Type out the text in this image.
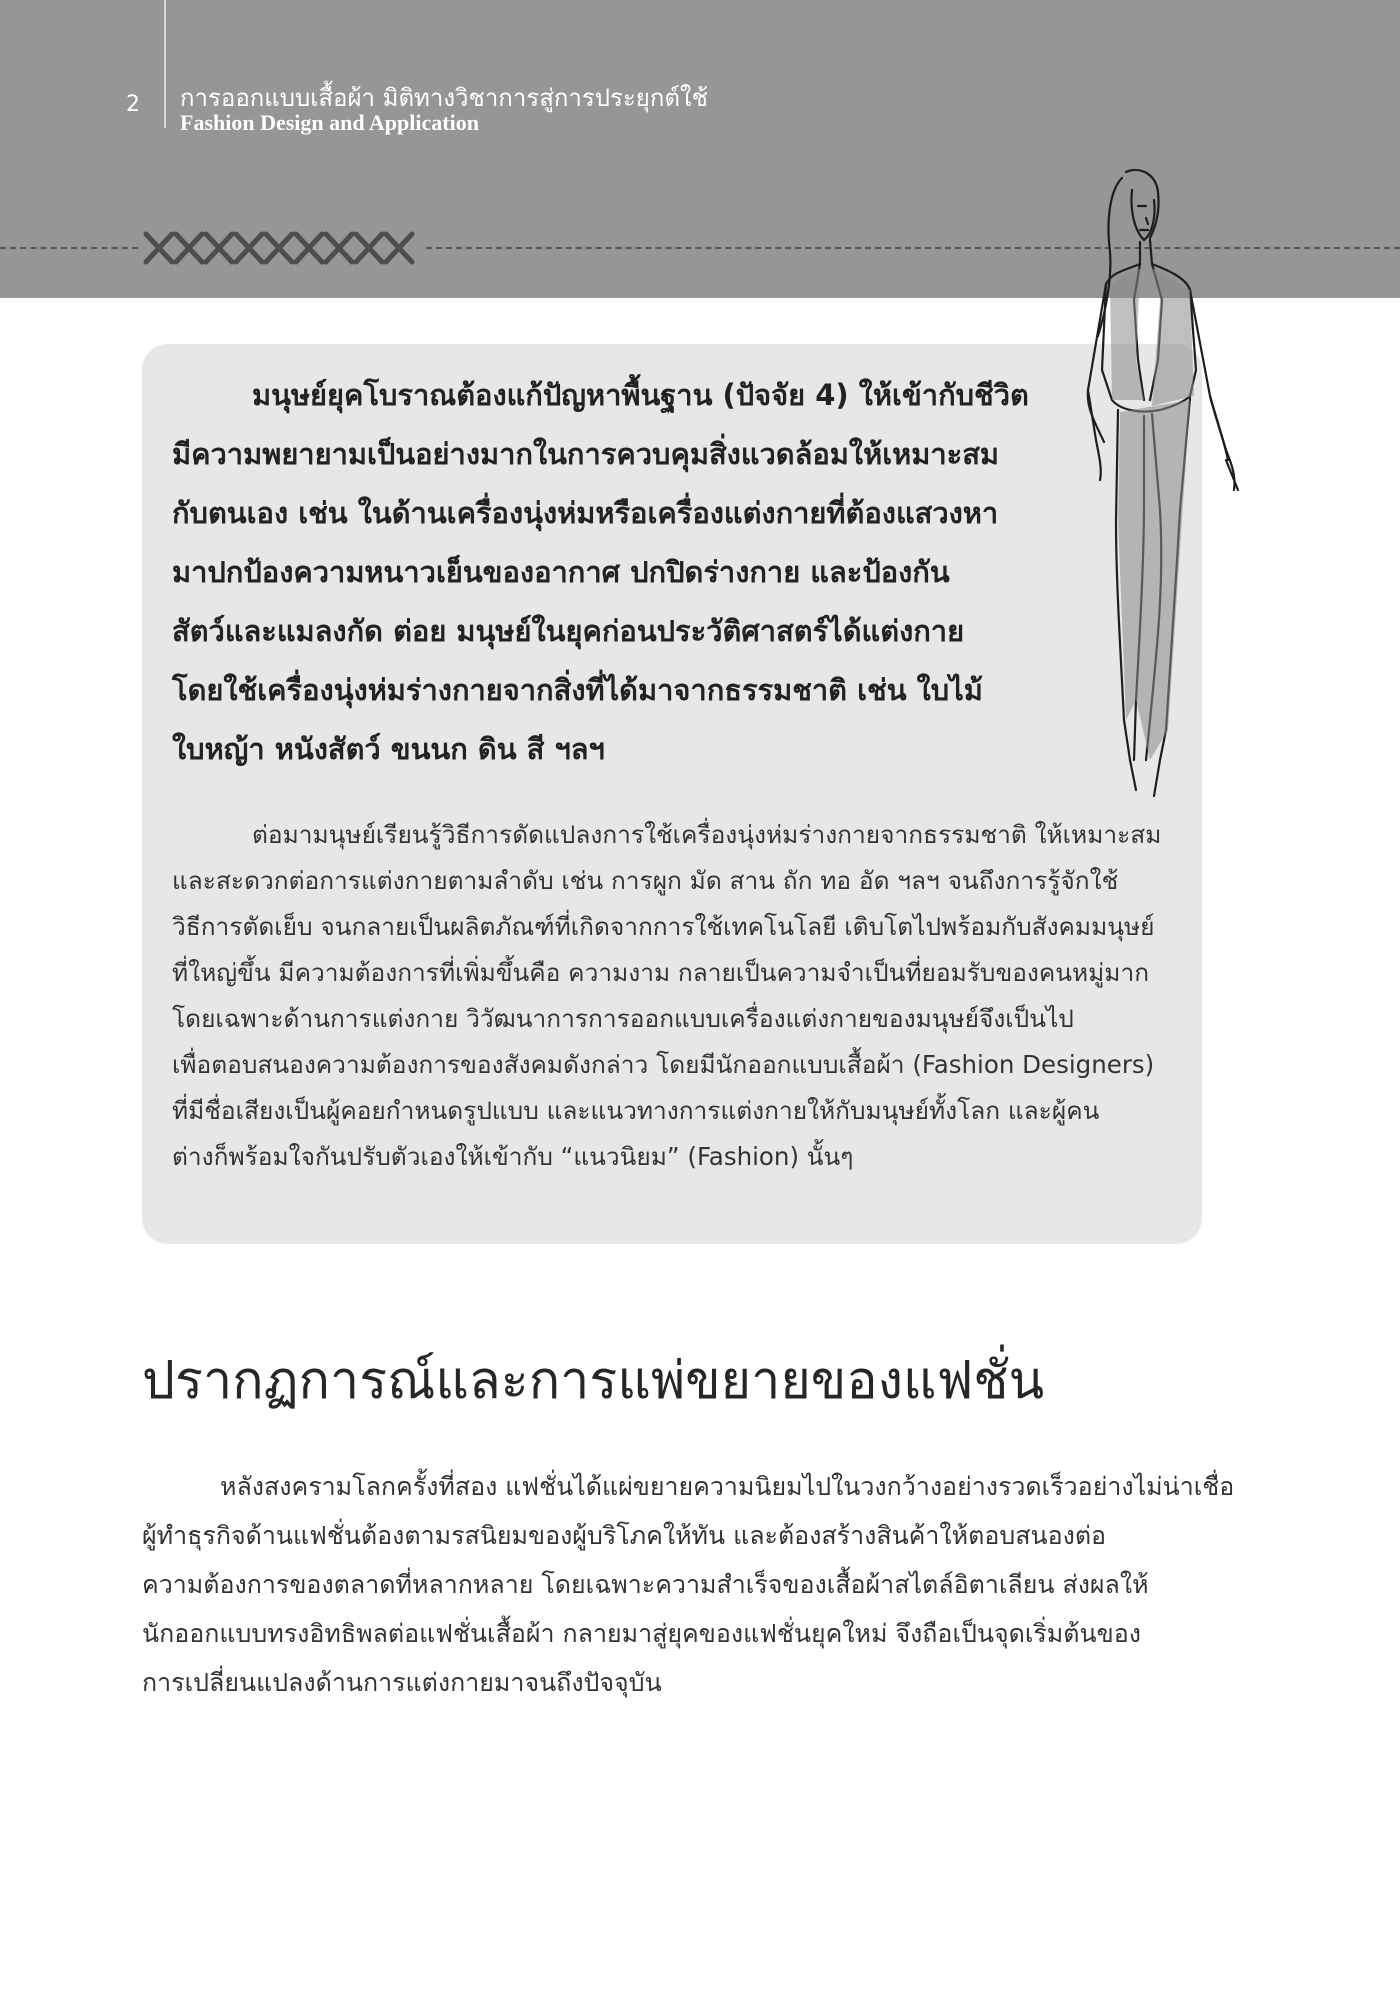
2 การออกแบบเสื้อผ้า มิติทางวิชาการสู่การประยุกต์ใช้
Fashion Design and Application
มนุษย์ยุคโบราณต้องแก้ปัญหาพื้นฐาน (ปัจจัย 4) ให้เข้ากับชีวิต
มีความพยายามเป็นอย่างมากในการควบคุมสิ่งแวดล้อมให้เหมาะสม
กับตนเอง เช่น ในด้านเครื่องนุ่งห่มหรือเครื่องแต่งกายที่ต้องแสวงหา
มาปกป้องความหนาวเย็นของอากาศ ปกปิดร่างกาย และป้องกัน
สัตว์และแมลงกัด ต่อย มนุษย์ในยุคก่อนประวัติศาสตร์ได้แต่งกาย
โดยใช้เครื่องนุ่งห่มร่างกายจากสิ่งที่ได้มาจากธรรมชาติ เช่น ใบไม้
ใบหญ้า หนังสัตว์ ขนนก ดิน สี ฯลฯ
ต่อมามนุษย์เรียนรู้วิธีการดัดแปลงการใช้เครื่องนุ่งห่มร่างกายจากธรรมชาติ ให้เหมาะสม
และสะดวกต่อการแต่งกายตามลำดับ เช่น การผูก มัด สาน ถัก ทอ อัด ฯลฯ จนถึงการรู้จักใช้
วิธีการตัดเย็บ จนกลายเป็นผลิตภัณฑ์ที่เกิดจากการใช้เทคโนโลยี เติบโตไปพร้อมกับสังคมมนุษย์
ที่ใหญ่ขึ้น มีความต้องการที่เพิ่มขึ้นคือ ความงาม กลายเป็นความจำเป็นที่ยอมรับของคนหมู่มาก
โดยเฉพาะด้านการแต่งกาย วิวัฒนาการการออกแบบเครื่องแต่งกายของมนุษย์จึงเป็นไป
เพื่อตอบสนองความต้องการของสังคมดังกล่าว โดยมีนักออกแบบเสื้อผ้า (Fashion Designers)
ที่มีชื่อเสียงเป็นผู้คอยกำหนดรูปแบบ และแนวทางการแต่งกายให้กับมนุษย์ทั้งโลก และผู้คน
ต่างก็พร้อมใจกันปรับตัวเองให้เข้ากับ “แนวนิยม” (Fashion) นั้นๆ
ปรากฏการณ์และการแพ่ขยายของแฟชั่น
หลังสงครามโลกครั้งที่สอง แฟชั่นได้แผ่ขยายความนิยมไปในวงกว้างอย่างรวดเร็วอย่างไม่น่าเชื่อ
ผู้ทำธุรกิจด้านแฟชั่นต้องตามรสนิยมของผู้บริโภคให้ทัน และต้องสร้างสินค้าให้ตอบสนองต่อ
ความต้องการของตลาดที่หลากหลาย โดยเฉพาะความสำเร็จของเสื้อผ้าสไตล์อิตาเลียน ส่งผลให้
นักออกแบบทรงอิทธิพลต่อแฟชั่นเสื้อผ้า กลายมาสู่ยุคของแฟชั่นยุคใหม่ จึงถือเป็นจุดเริ่มต้นของ
การเปลี่ยนแปลงด้านการแต่งกายมาจนถึงปัจจุบัน
